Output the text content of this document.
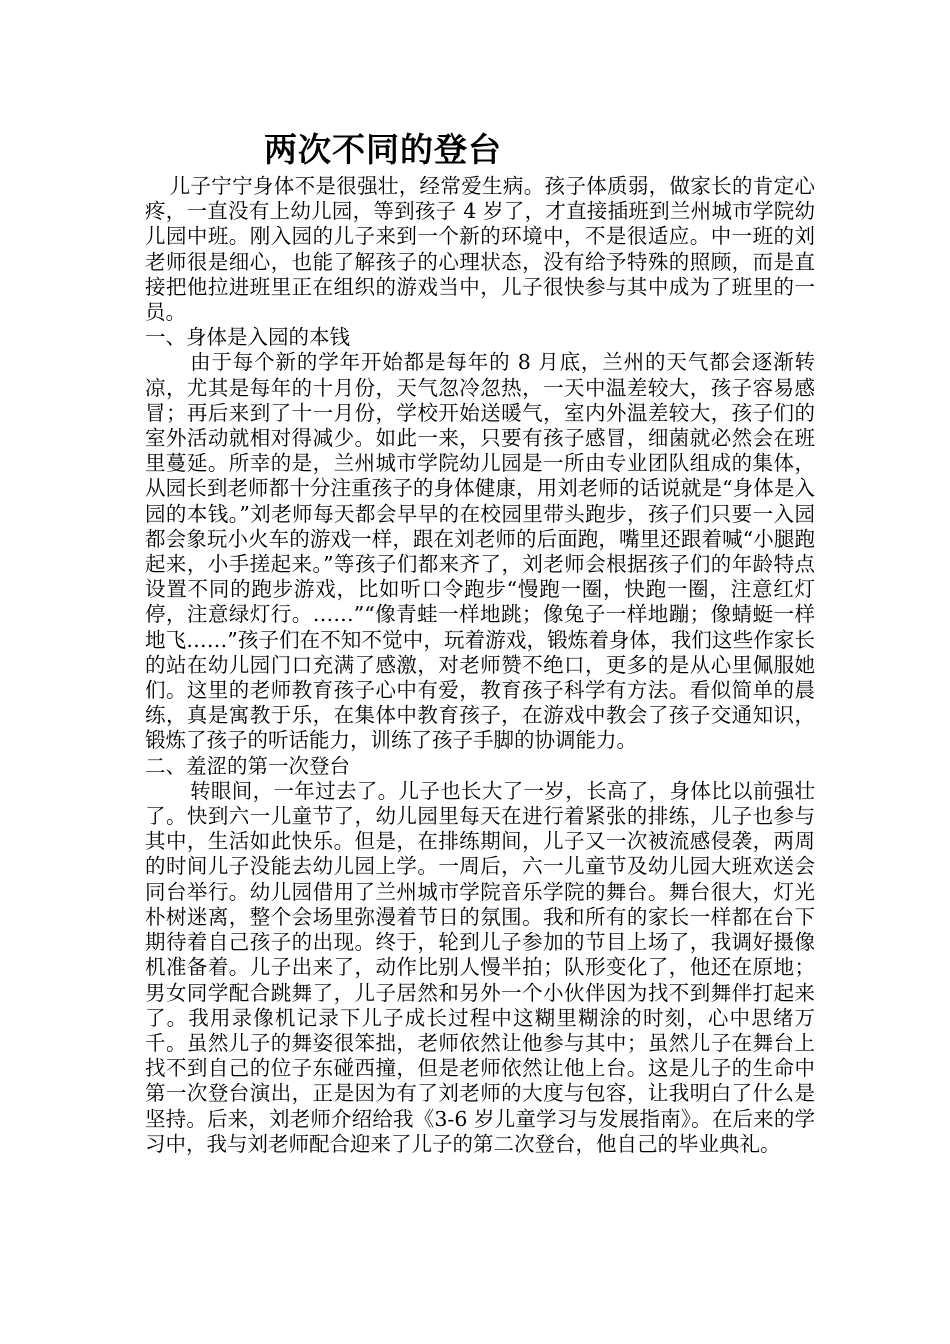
两次不同的登台

儿子宁宁身体不是很强壮，经常爱生病。孩子体质弱，做家长的肯定心疼，一直没有上幼儿园，等到孩子 4 岁了，才直接插班到兰州城市学院幼儿园中班。刚入园的儿子来到一个新的环境中，不是很适应。中一班的刘老师很是细心，也能了解孩子的心理状态，没有给予特殊的照顾，而是直接把他拉进班里正在组织的游戏当中，儿子很快参与其中成为了班里的一员。

一、身体是入园的本钱

由于每个新的学年开始都是每年的 8 月底，兰州的天气都会逐渐转凉，尤其是每年的十月份，天气忽冷忽热，一天中温差较大，孩子容易感冒；再后来到了十一月份，学校开始送暖气，室内外温差较大，孩子们的室外活动就相对得减少。如此一来，只要有孩子感冒，细菌就必然会在班里蔓延。所幸的是，兰州城市学院幼儿园是一所由专业团队组成的集体，从园长到老师都十分注重孩子的身体健康，用刘老师的话说就是“身体是入园的本钱。”刘老师每天都会早早的在校园里带头跑步，孩子们只要一入园都会象玩小火车的游戏一样，跟在刘老师的后面跑，嘴里还跟着喊“小腿跑起来，小手搓起来。”等孩子们都来齐了，刘老师会根据孩子们的年龄特点设置不同的跑步游戏，比如听口令跑步“慢跑一圈，快跑一圈，注意红灯停，注意绿灯行。……”“像青蛙一样地跳；像兔子一样地蹦；像蜻蜓一样地飞……”孩子们在不知不觉中，玩着游戏，锻炼着身体，我们这些作家长的站在幼儿园门口充满了感激，对老师赞不绝口，更多的是从心里佩服她们。这里的老师教育孩子心中有爱，教育孩子科学有方法。看似简单的晨练，真是寓教于乐，在集体中教育孩子，在游戏中教会了孩子交通知识，锻炼了孩子的听话能力，训练了孩子手脚的协调能力。

二、羞涩的第一次登台

转眼间，一年过去了。儿子也长大了一岁，长高了，身体比以前强壮了。快到六一儿童节了，幼儿园里每天在进行着紧张的排练，儿子也参与其中，生活如此快乐。但是，在排练期间，儿子又一次被流感侵袭，两周的时间儿子没能去幼儿园上学。一周后，六一儿童节及幼儿园大班欢送会同台举行。幼儿园借用了兰州城市学院音乐学院的舞台。舞台很大，灯光朴树迷离，整个会场里弥漫着节日的氛围。我和所有的家长一样都在台下期待着自己孩子的出现。终于，轮到儿子参加的节目上场了，我调好摄像机准备着。儿子出来了，动作比别人慢半拍；队形变化了，他还在原地；男女同学配合跳舞了，儿子居然和另外一个小伙伴因为找不到舞伴打起来了。我用录像机记录下儿子成长过程中这糊里糊涂的时刻，心中思绪万千。虽然儿子的舞姿很笨拙，老师依然让他参与其中；虽然儿子在舞台上找不到自己的位子东碰西撞，但是老师依然让他上台。这是儿子的生命中第一次登台演出，正是因为有了刘老师的大度与包容，让我明白了什么是坚持。后来，刘老师介绍给我《3-6 岁儿童学习与发展指南》。在后来的学习中，我与刘老师配合迎来了儿子的第二次登台，他自己的毕业典礼。
